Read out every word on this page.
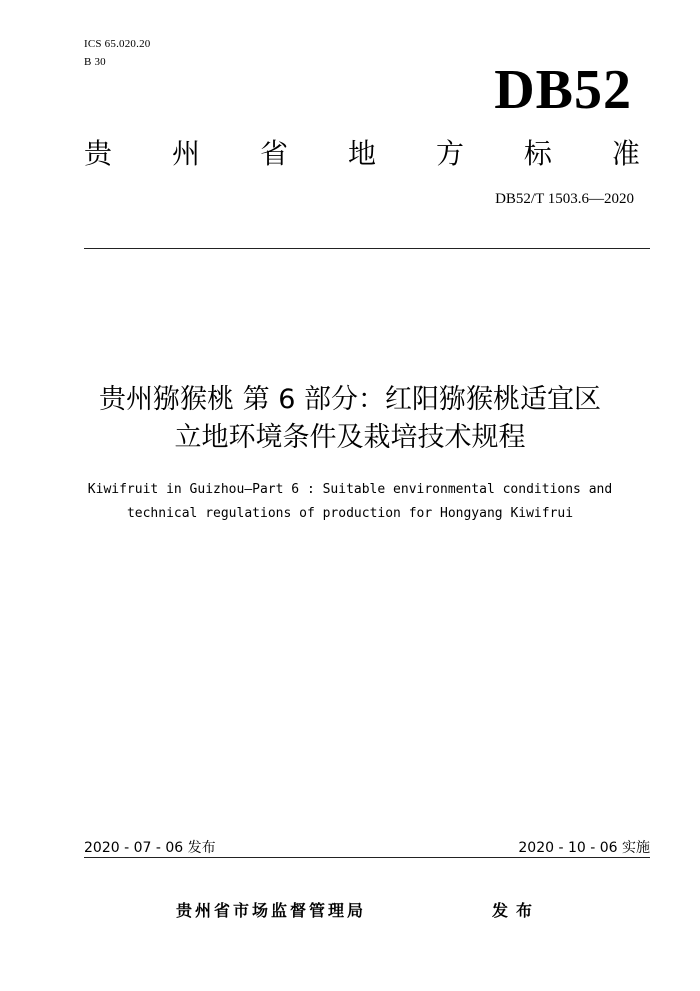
ICS 65.020.20
B 30	DB52
贵 州 省 地 方 标 准
DB52/T 1503.6—2020
贵州猕猴桃 第 6 部分：红阳猕猴桃适宜区
立地环境条件及栽培技术规程
Kiwifruit in Guizhou—Part 6 : Suitable environmental conditions and
technical regulations of production for Hongyang Kiwifrui
2020 - 07 - 06 发布	2020 - 10 - 06 实施
贵州省市场监督管理局	发布
